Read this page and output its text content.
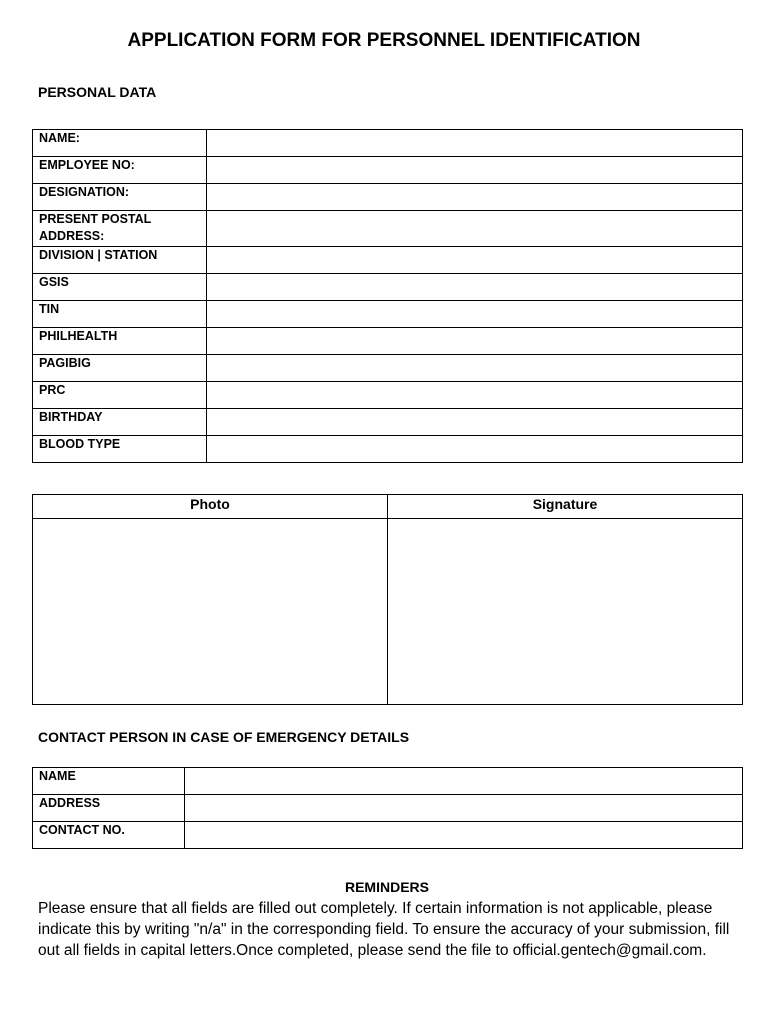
APPLICATION FORM FOR PERSONNEL IDENTIFICATION
PERSONAL DATA
NAME:	
EMPLOYEE NO:	
DESIGNATION:	
PRESENT POSTAL ADDRESS:	
DIVISION | STATION	
GSIS	
TIN	
PHILHEALTH	
PAGIBIG	
PRC	
BIRTHDAY	
BLOOD TYPE	
Photo	Signature

CONTACT PERSON IN CASE OF EMERGENCY DETAILS
NAME	
ADDRESS	
CONTACT NO.	
REMINDERS
Please ensure that all fields are filled out completely. If certain information is not applicable, please indicate this by writing "n/a" in the corresponding field. To ensure the accuracy of your submission, fill out all fields in capital letters.Once completed, please send the file to official.gentech@gmail.com.
